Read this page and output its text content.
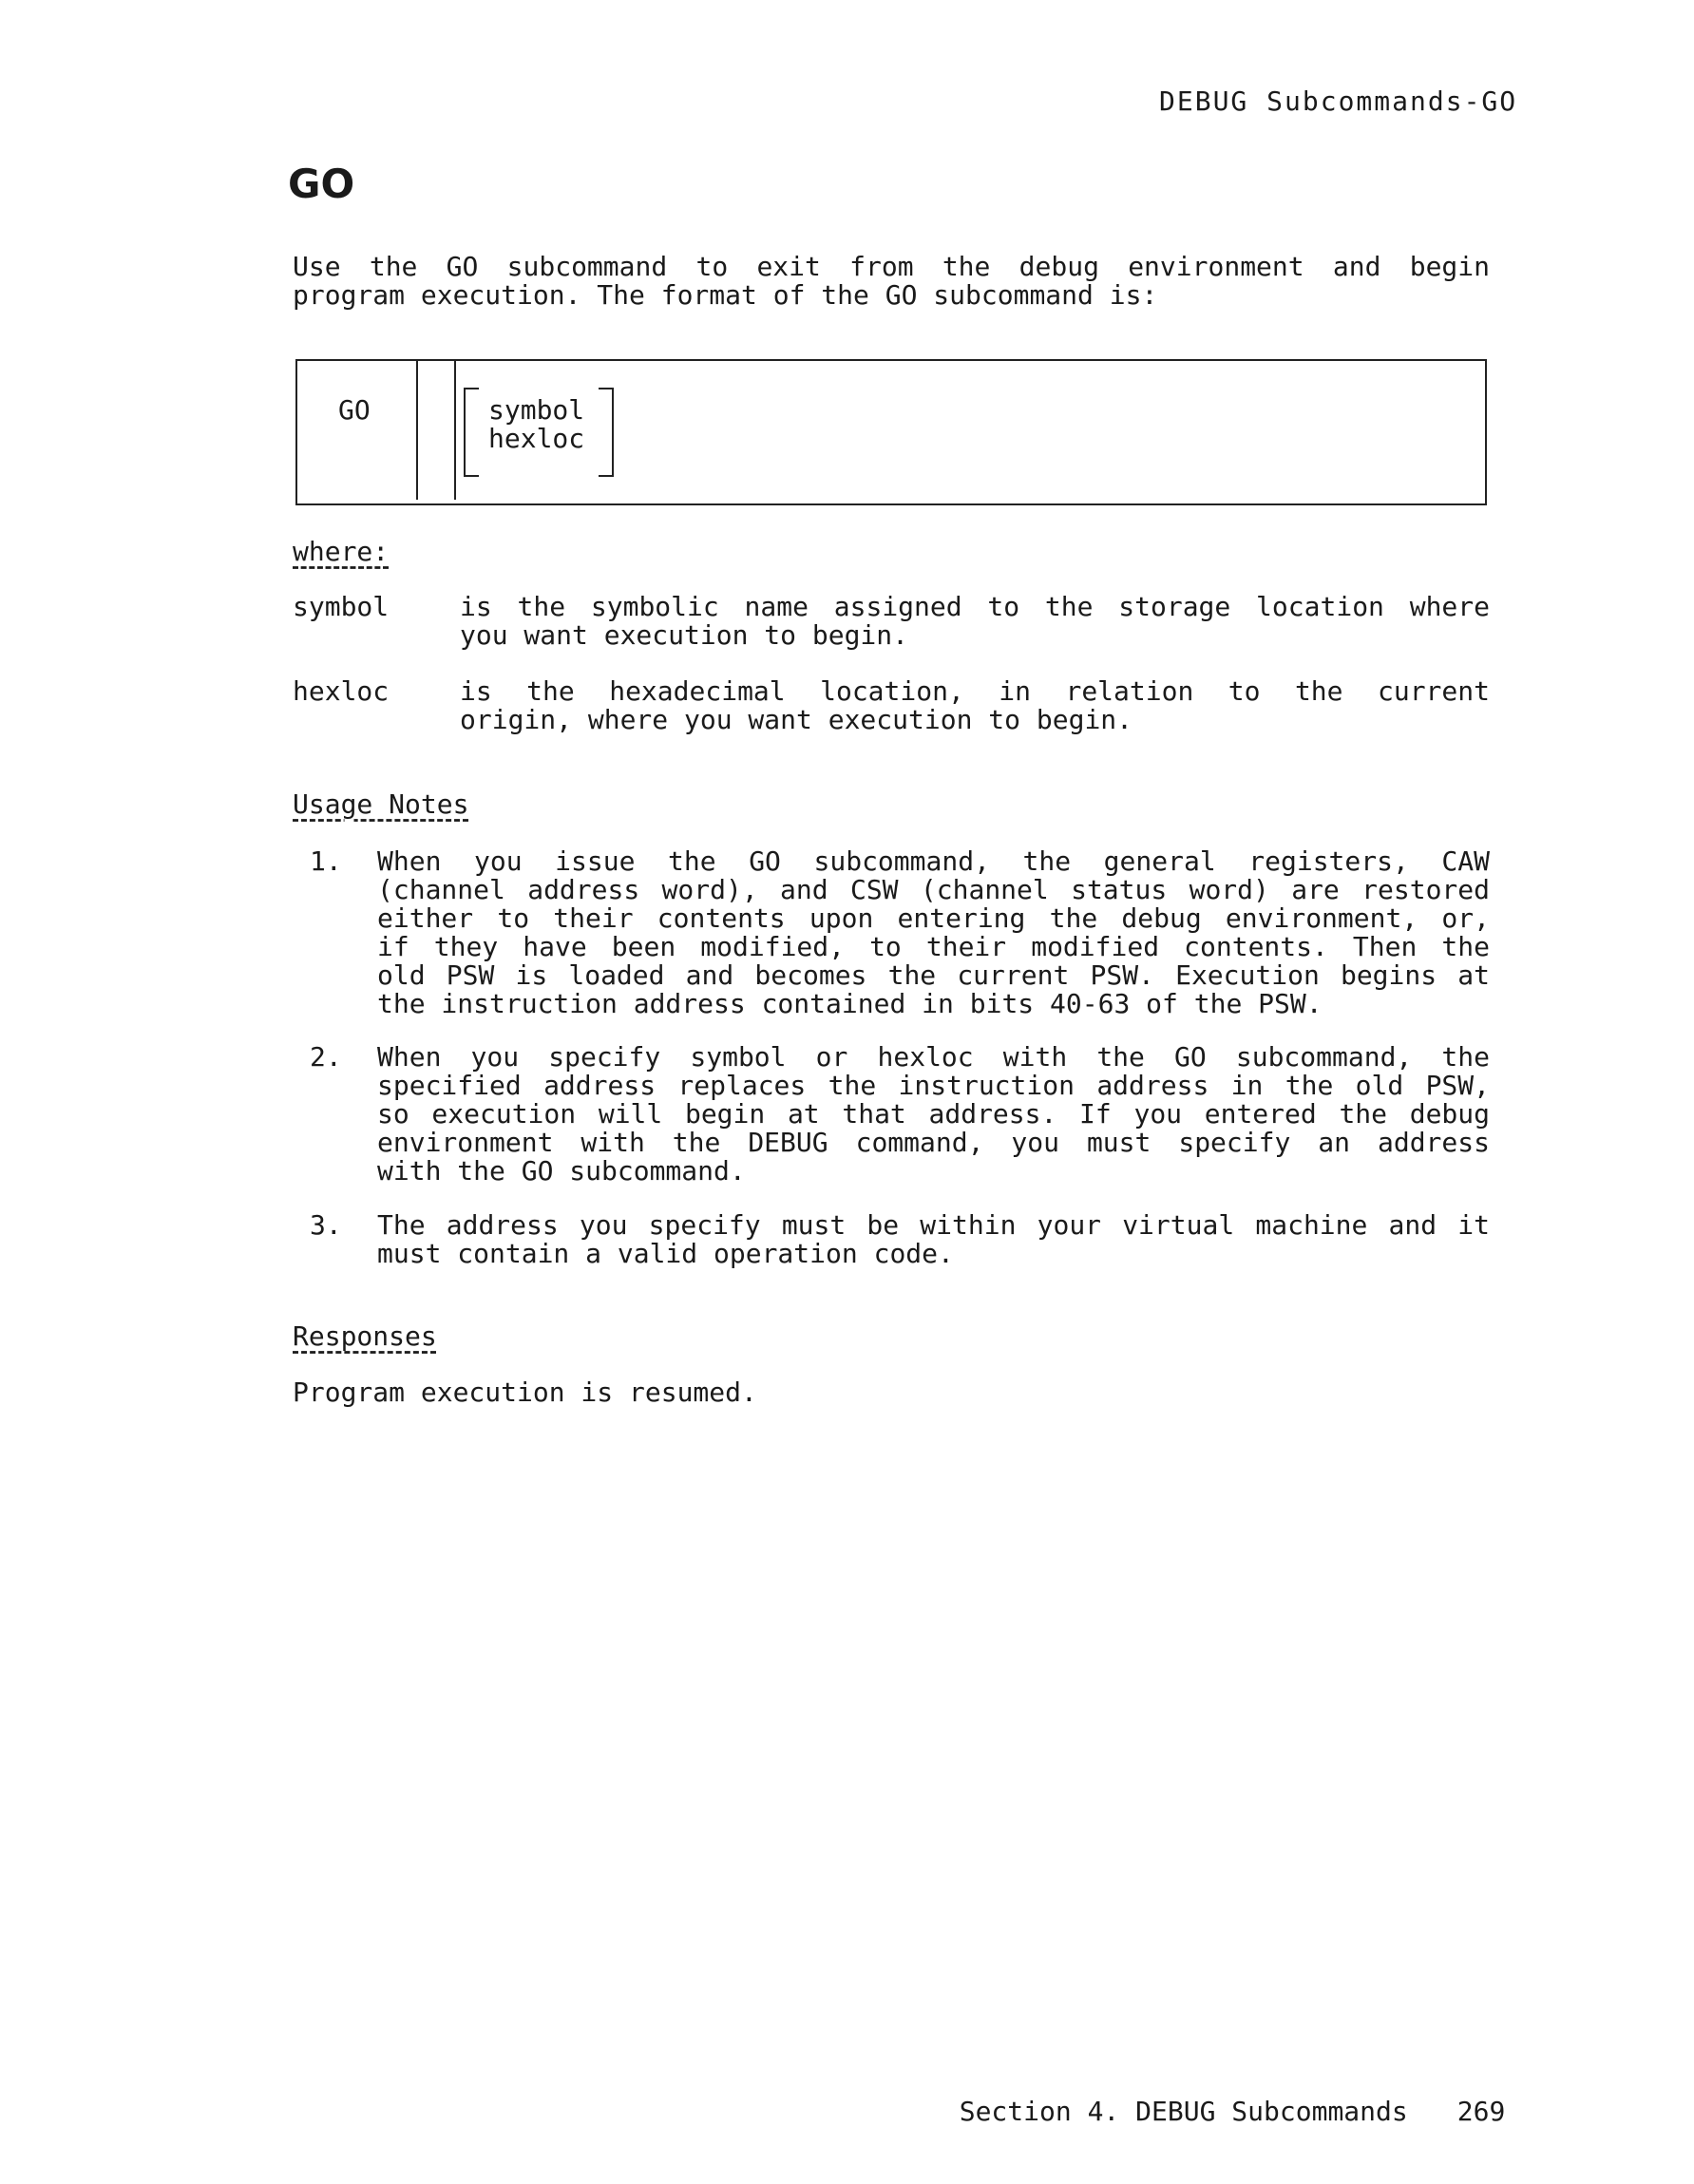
DEBUG Subcommands-GO
GO
Use the GO subcommand to exit from the debug environment and begin
program execution. The format of the GO subcommand is:
GO	symbol
hexloc
where:
symbol	is the symbolic name assigned to the storage location where
you want execution to begin.
hexloc	is the hexadecimal location, in relation to the current
origin, where you want execution to begin.
Usage Notes
1. When you issue the GO subcommand, the general registers, CAW
(channel address word), and CSW (channel status word) are restored
either to their contents upon entering the debug environment, or,
if they have been modified, to their modified contents. Then the
old PSW is loaded and becomes the current PSW. Execution begins at
the instruction address contained in bits 40-63 of the PSW.
2. When you specify symbol or hexloc with the GO subcommand, the
specified address replaces the instruction address in the old PSW,
so execution will begin at that address. If you entered the debug
environment with the DEBUG command, you must specify an address
with the GO subcommand.
3. The address you specify must be within your virtual machine and it
must contain a valid operation code.
Responses
Program execution is resumed.

Section 4. DEBUG Subcommands 269
